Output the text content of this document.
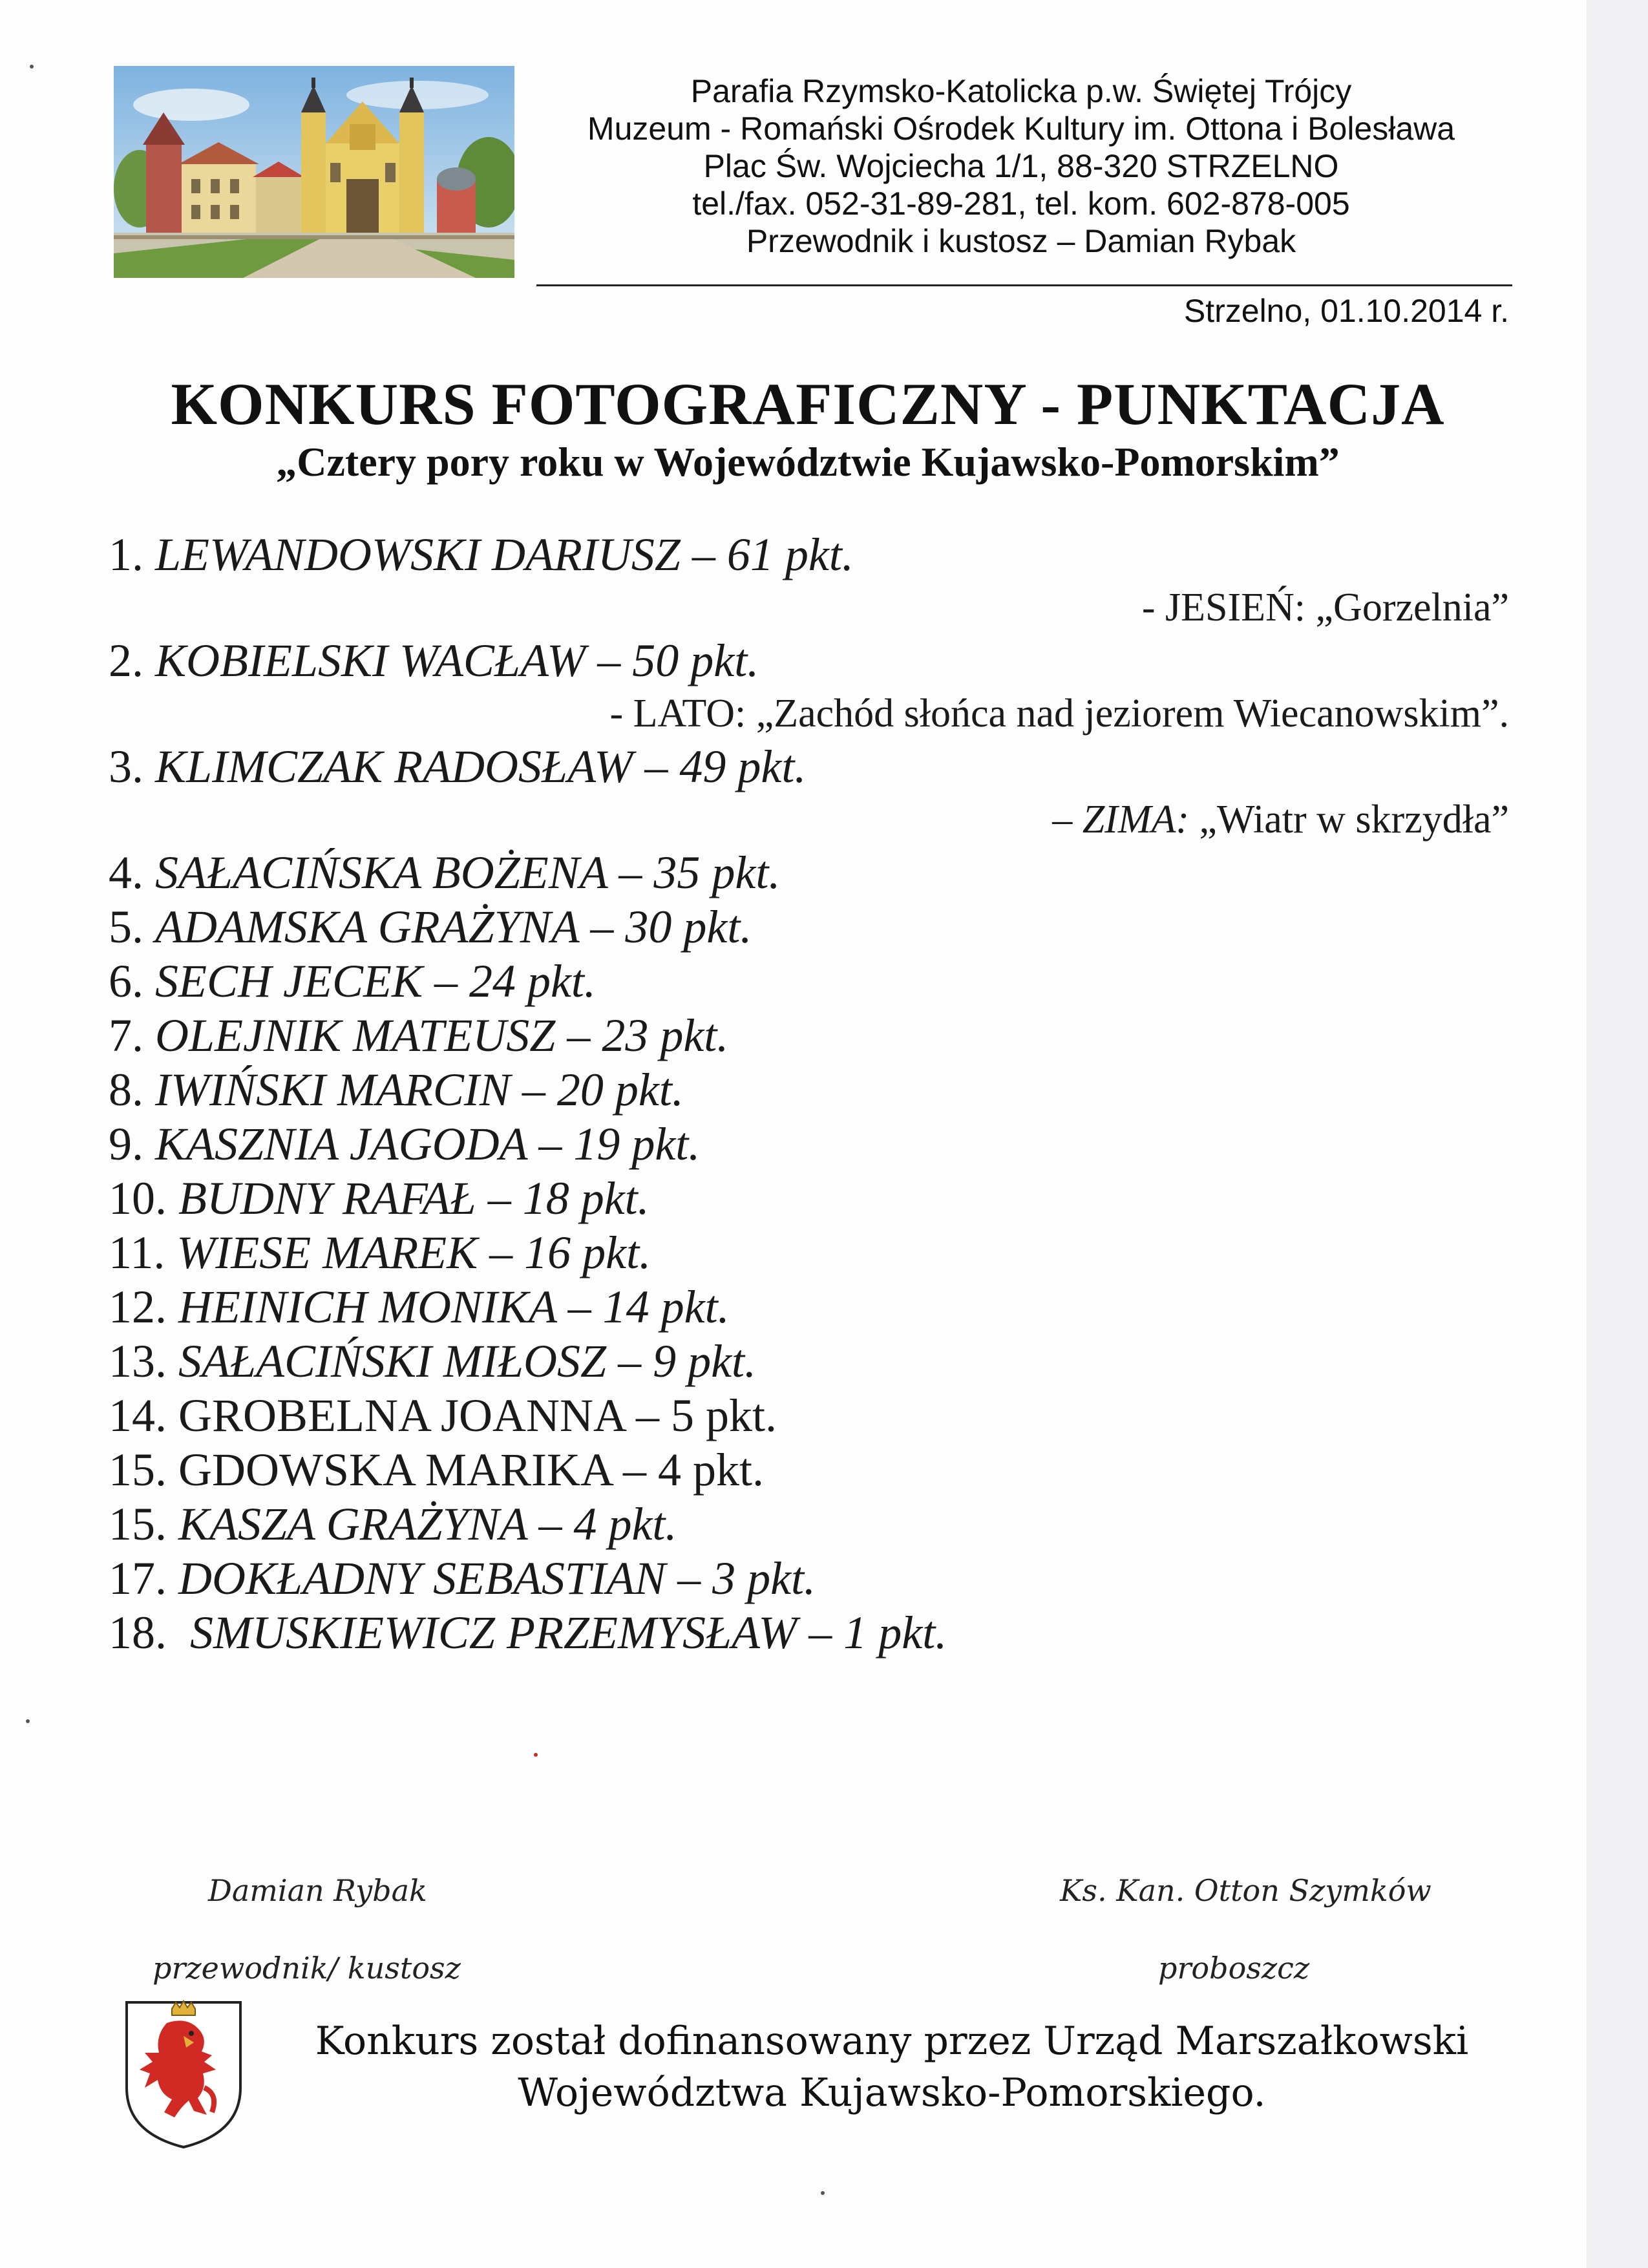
Parafia Rzymsko-Katolicka p.w. Świętej Trójcy
Muzeum - Romański Ośrodek Kultury im. Ottona i Bolesława
Plac Św. Wojciecha 1/1, 88-320 STRZELNO
tel./fax. 052-31-89-281, tel. kom. 602-878-005
Przewodnik i kustosz – Damian Rybak
Strzelno, 01.10.2014 r.
KONKURS FOTOGRAFICZNY - PUNKTACJA
„Cztery pory roku w Województwie Kujawsko-Pomorskim”
1. LEWANDOWSKI DARIUSZ – 61 pkt.
- JESIEŃ: „Gorzelnia”
2. KOBIELSKI WACŁAW – 50 pkt.
- LATO: „Zachód słońca nad jeziorem Wiecanowskim”.
3. KLIMCZAK RADOSŁAW – 49 pkt.
– ZIMA: „Wiatr w skrzydła”
4. SAŁACIŃSKA BOŻENA – 35 pkt.
5. ADAMSKA GRAŻYNA – 30 pkt.
6. SECH JECEK – 24 pkt.
7. OLEJNIK MATEUSZ – 23 pkt.
8. IWIŃSKI MARCIN – 20 pkt.
9. KASZNIA JAGODA – 19 pkt.
10. BUDNY RAFAŁ – 18 pkt.
11. WIESE MAREK – 16 pkt.
12. HEINICH MONIKA – 14 pkt.
13. SAŁACIŃSKI MIŁOSZ – 9 pkt.
14. GROBELNA JOANNA – 5 pkt.
15. GDOWSKA MARIKA – 4 pkt.
15. KASZA GRAŻYNA – 4 pkt.
17. DOKŁADNY SEBASTIAN – 3 pkt.
18. SMUSKIEWICZ PRZEMYSŁAW – 1 pkt.
Damian Rybak	Ks. Kan. Otton Szymków
przewodnik/ kustosz	proboszcz
Konkurs został dofinansowany przez Urząd Marszałkowski
Województwa Kujawsko-Pomorskiego.
